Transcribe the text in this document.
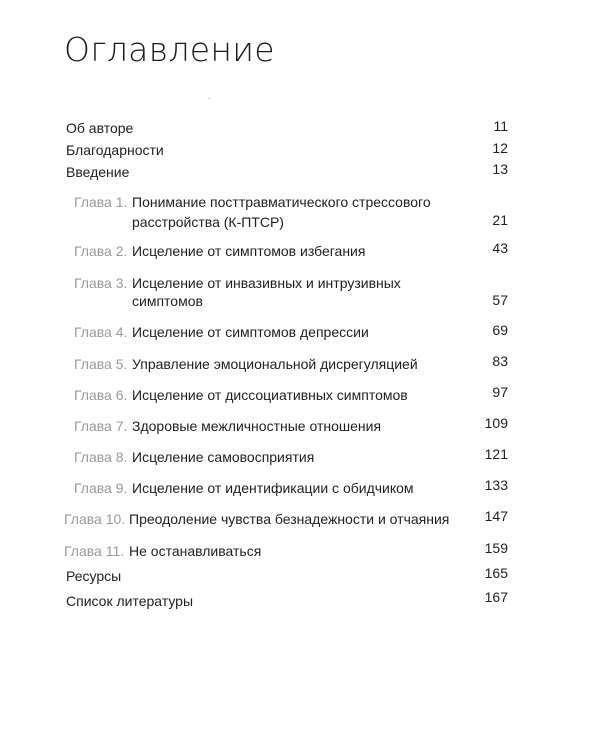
Оглавление
Об авторе	11
Благодарности	12
Введение	13
Глава 1. Понимание посттравматического стрессового
расстройства (К-ПТСР)	21
Глава 2. Исцеление от симптомов избегания	43
Глава 3. Исцеление от инвазивных и интрузивных
симптомов	57
Глава 4. Исцеление от симптомов депрессии	69
Глава 5. Управление эмоциональной дисрегуляцией	83
Глава 6. Исцеление от диссоциативных симптомов	97
Глава 7. Здоровые межличностные отношения	109
Глава 8. Исцеление самовосприятия	121
Глава 9. Исцеление от идентификации с обидчиком	133
Глава 10. Преодоление чувства безнадежности и отчаяния	147
Глава 11. Не останавливаться	159
Ресурсы	165
Список литературы	167
